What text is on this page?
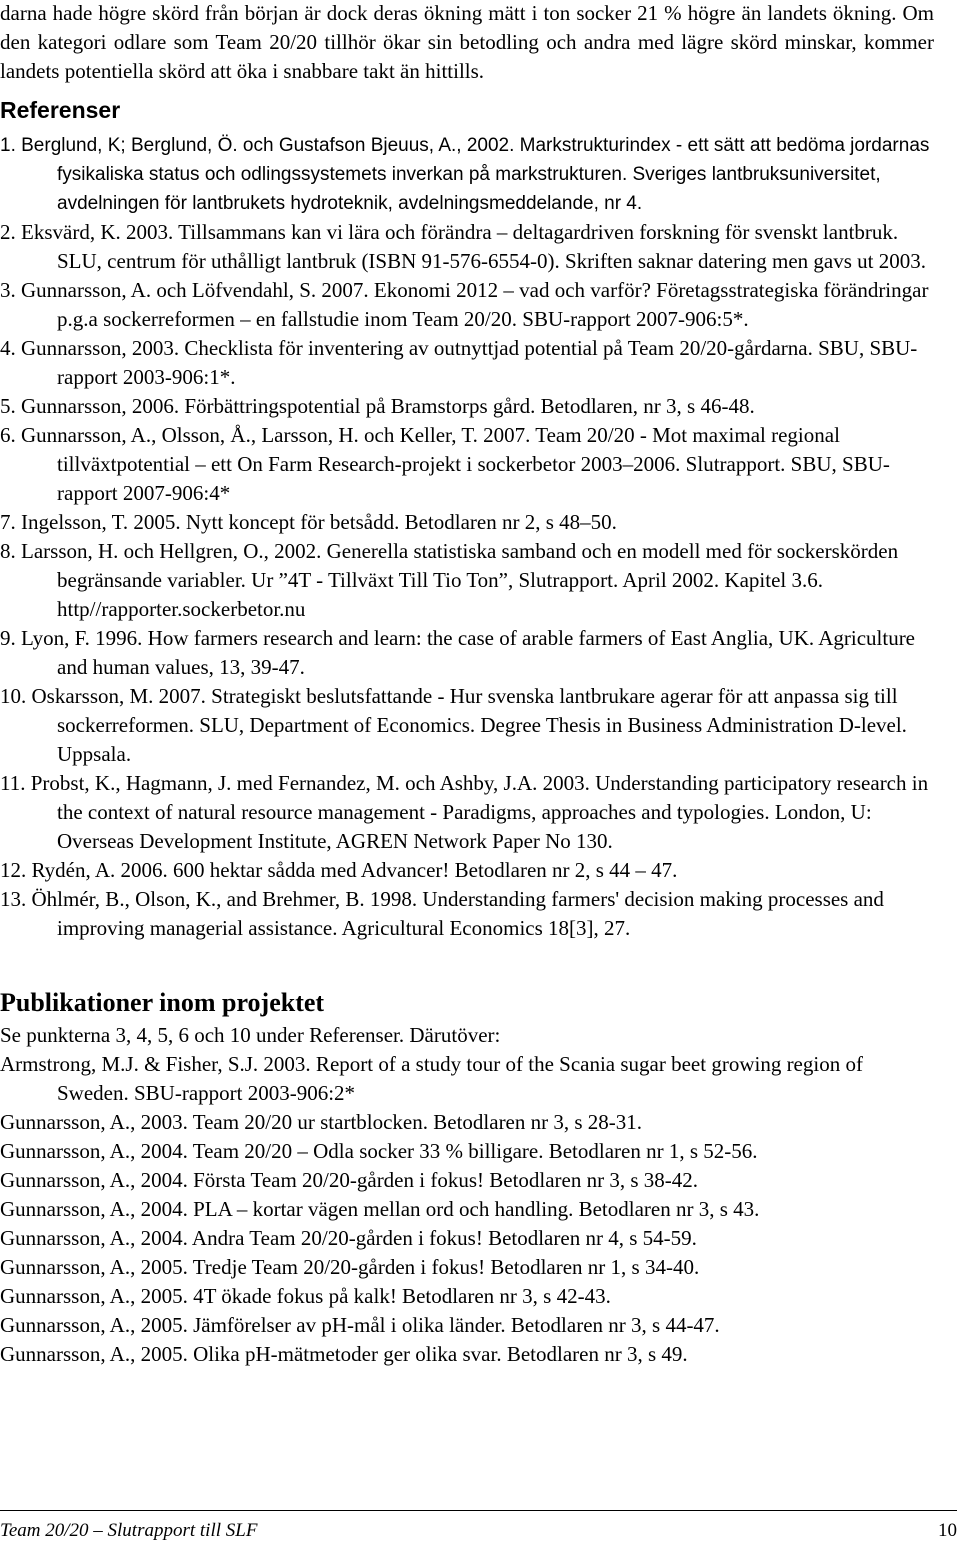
darna hade högre skörd från början är dock deras ökning mätt i ton socker 21 % högre än landets ökning. Om den kategori odlare som Team 20/20 tillhör ökar sin betodling och andra med lägre skörd minskar, kommer landets potentiella skörd att öka i snabbare takt än hittills.

Referenser
1. Berglund, K; Berglund, Ö. och Gustafson Bjeuus, A., 2002. Markstrukturindex - ett sätt att bedöma jordarnas fysikaliska status och odlingssystemets inverkan på markstrukturen. Sveriges lantbruksuniversitet, avdelningen för lantbrukets hydroteknik, avdelningsmeddelande, nr 4.
2. Eksvärd, K. 2003. Tillsammans kan vi lära och förändra – deltagardriven forskning för svenskt lantbruk. SLU, centrum för uthålligt lantbruk (ISBN 91-576-6554-0). Skriften saknar datering men gavs ut 2003.
3. Gunnarsson, A. och Löfvendahl, S. 2007. Ekonomi 2012 – vad och varför? Företagsstrategiska förändringar p.g.a sockerreformen – en fallstudie inom Team 20/20. SBU-rapport 2007-906:5*.
4. Gunnarsson, 2003. Checklista för inventering av outnyttjad potential på Team 20/20-gårdarna. SBU, SBU-rapport 2003-906:1*.
5. Gunnarsson, 2006. Förbättringspotential på Bramstorps gård. Betodlaren, nr 3, s 46-48.
6. Gunnarsson, A., Olsson, Å., Larsson, H. och Keller, T. 2007. Team 20/20 - Mot maximal regional tillväxtpotential – ett On Farm Research-projekt i sockerbetor 2003–2006. Slutrapport. SBU, SBU-rapport 2007-906:4*
7. Ingelsson, T. 2005. Nytt koncept för betsådd. Betodlaren nr 2, s 48–50.
8. Larsson, H. och Hellgren, O., 2002. Generella statistiska samband och en modell med för sockerskörden begränsande variabler. Ur ”4T - Tillväxt Till Tio Ton”, Slutrapport. April 2002. Kapitel 3.6. http//rapporter.sockerbetor.nu
9. Lyon, F. 1996. How farmers research and learn: the case of arable farmers of East Anglia, UK. Agriculture and human values, 13, 39-47.
10. Oskarsson, M. 2007. Strategiskt beslutsfattande - Hur svenska lantbrukare agerar för att anpassa sig till sockerreformen. SLU, Department of Economics. Degree Thesis in Business Administration D-level. Uppsala.
11. Probst, K., Hagmann, J. med Fernandez, M. och Ashby, J.A. 2003. Understanding participatory research in the context of natural resource management - Paradigms, approaches and typologies. London, U: Overseas Development Institute, AGREN Network Paper No 130.
12. Rydén, A. 2006. 600 hektar sådda med Advancer! Betodlaren nr 2, s 44 – 47.
13. Öhlmér, B., Olson, K., and Brehmer, B. 1998. Understanding farmers' decision making processes and improving managerial assistance. Agricultural Economics 18[3], 27.
Publikationer inom projektet

Se punkterna 3, 4, 5, 6 och 10 under Referenser. Därutöver:

Armstrong, M.J. & Fisher, S.J. 2003. Report of a study tour of the Scania sugar beet growing region of Sweden. SBU-rapport 2003-906:2*
Gunnarsson, A., 2003. Team 20/20 ur startblocken. Betodlaren nr 3, s 28-31.
Gunnarsson, A., 2004. Team 20/20 – Odla socker 33 % billigare. Betodlaren nr 1, s 52-56.
Gunnarsson, A., 2004. Första Team 20/20-gården i fokus! Betodlaren nr 3, s 38-42.
Gunnarsson, A., 2004. PLA – kortar vägen mellan ord och handling. Betodlaren nr 3, s 43.
Gunnarsson, A., 2004. Andra Team 20/20-gården i fokus! Betodlaren nr 4, s 54-59.
Gunnarsson, A., 2005. Tredje Team 20/20-gården i fokus! Betodlaren nr 1, s 34-40.
Gunnarsson, A., 2005. 4T ökade fokus på kalk! Betodlaren nr 3, s 42-43.
Gunnarsson, A., 2005. Jämförelser av pH-mål i olika länder. Betodlaren nr 3, s 44-47.
Gunnarsson, A., 2005. Olika pH-mätmetoder ger olika svar. Betodlaren nr 3, s 49.
Team 20/20 – Slutrapport till SLF	10
